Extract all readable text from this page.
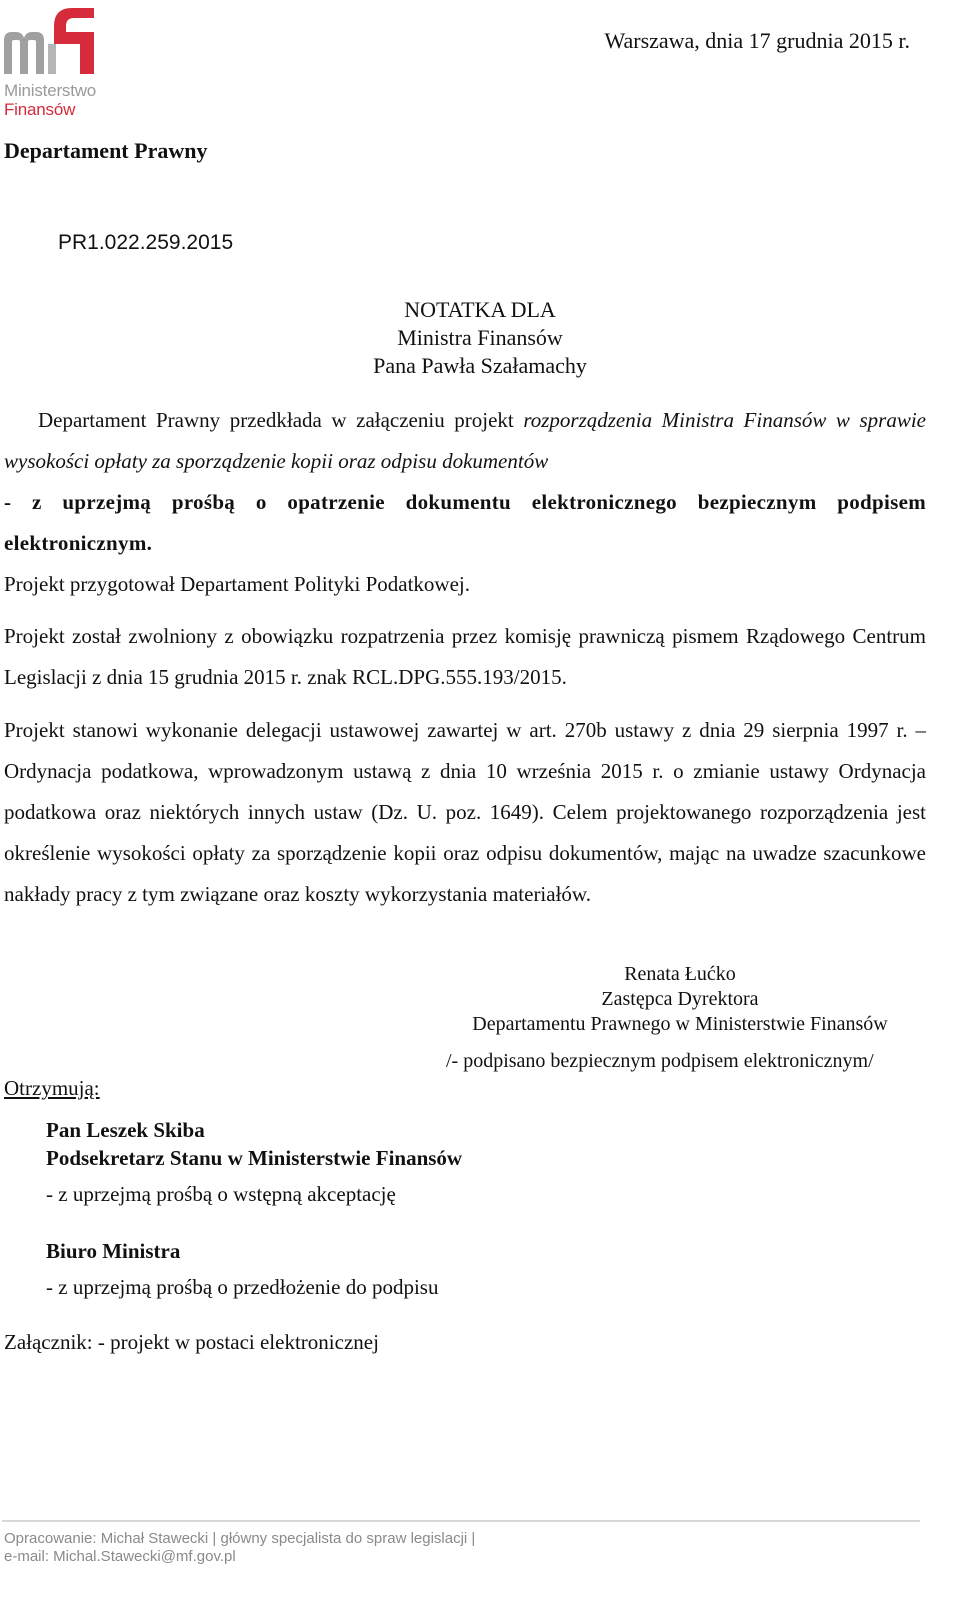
Ministerstwo
Finansów
Warszawa, dnia 17 grudnia 2015 r.
Departament Prawny
PR1.022.259.2015
NOTATKA DLA
Ministra Finansów
Pana Pawła Szałamachy
Departament Prawny przedkłada w załączeniu projekt rozporządzenia Ministra Finansów w sprawie wysokości opłaty za sporządzenie kopii oraz odpisu dokumentów
- z uprzejmą prośbą o opatrzenie dokumentu elektronicznego bezpiecznym podpisem elektronicznym.
Projekt przygotował Departament Polityki Podatkowej.
Projekt został zwolniony z obowiązku rozpatrzenia przez komisję prawniczą pismem Rządowego Centrum Legislacji z dnia 15 grudnia 2015 r. znak RCL.DPG.555.193/2015.
Projekt stanowi wykonanie delegacji ustawowej zawartej w art. 270b ustawy z dnia 29 sierpnia 1997 r. – Ordynacja podatkowa, wprowadzonym ustawą z dnia 10 września 2015 r. o zmianie ustawy Ordynacja podatkowa oraz niektórych innych ustaw (Dz. U. poz. 1649). Celem projektowanego rozporządzenia jest określenie wysokości opłaty za sporządzenie kopii oraz odpisu dokumentów, mając na uwadze szacunkowe nakłady pracy z tym związane oraz koszty wykorzystania materiałów.
Renata Łućko
Zastępca Dyrektora
Departamentu Prawnego w Ministerstwie Finansów
/- podpisano bezpiecznym podpisem elektronicznym/
Otrzymują:
Pan Leszek Skiba
Podsekretarz Stanu w Ministerstwie Finansów
- z uprzejmą prośbą o wstępną akceptację
Biuro Ministra
- z uprzejmą prośbą o przedłożenie do podpisu
Załącznik: - projekt w postaci elektronicznej
Opracowanie: Michał Stawecki | główny specjalista do spraw legislacji |
e-mail: Michal.Stawecki@mf.gov.pl
